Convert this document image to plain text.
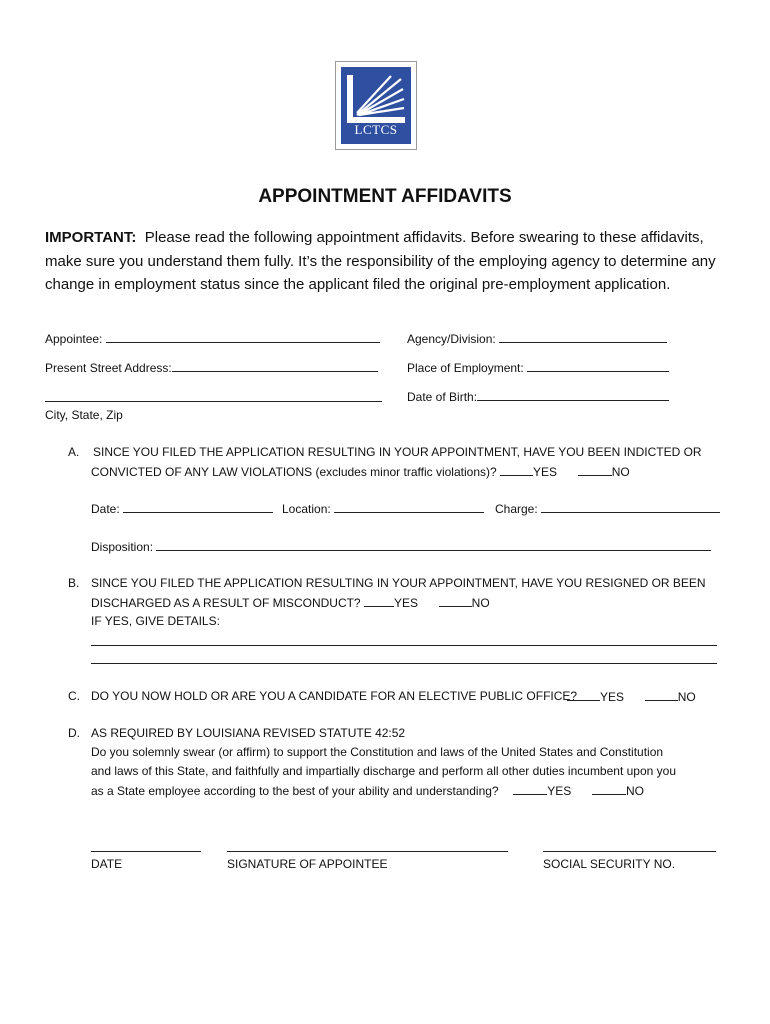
LCTCS
APPOINTMENT AFFIDAVITS
IMPORTANT: Please read the following appointment affidavits. Before swearing to these affidavits, make sure you understand them fully. It’s the responsibility of the employing agency to determine any change in employment status since the applicant filed the original pre-employment application.
Appointee:	Agency/Division:
Present Street Address:	Place of Employment:
Date of Birth:
City, State, Zip
A. SINCE YOU FILED THE APPLICATION RESULTING IN YOUR APPOINTMENT, HAVE YOU BEEN INDICTED OR
CONVICTED OF ANY LAW VIOLATIONS (excludes minor traffic violations)?	YES	NO
Date:	Location:	Charge:
Disposition:
B. SINCE YOU FILED THE APPLICATION RESULTING IN YOUR APPOINTMENT, HAVE YOU RESIGNED OR BEEN
DISCHARGED AS A RESULT OF MISCONDUCT?	YES	NO
IF YES, GIVE DETAILS:
C. DO YOU NOW HOLD OR ARE YOU A CANDIDATE FOR AN ELECTIVE PUBLIC OFFICE?	YES	NO
D. AS REQUIRED BY LOUISIANA REVISED STATUTE 42:52
Do you solemnly swear (or affirm) to support the Constitution and laws of the United States and Constitution
and laws of this State, and faithfully and impartially discharge and perform all other duties incumbent upon you
as a State employee according to the best of your ability and understanding?	YES	NO
DATE	SIGNATURE OF APPOINTEE	SOCIAL SECURITY NO.
